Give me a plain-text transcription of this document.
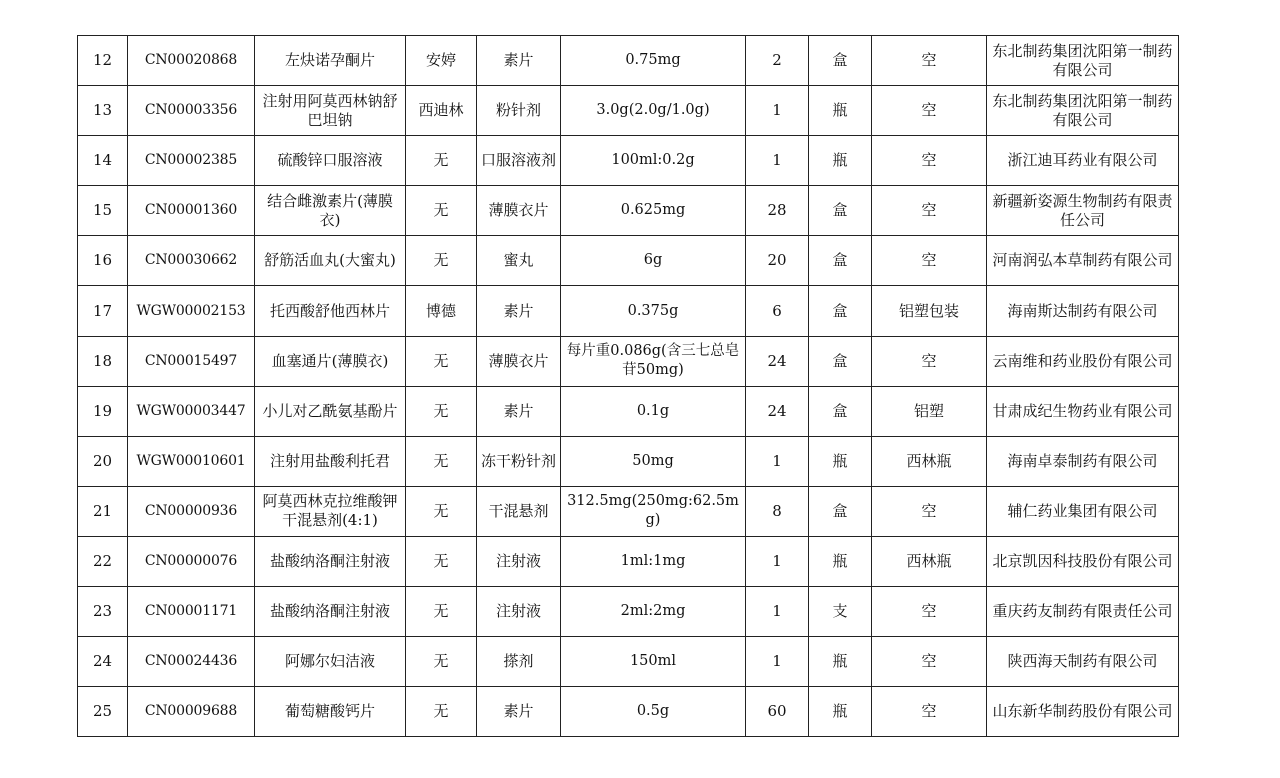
12	CN00020868	左炔诺孕酮片	安婷	素片	0.75mg	2	盒	空	东北制药集团沈阳第一制药有限公司
13	CN00003356	注射用阿莫西林钠舒巴坦钠	西迪林	粉针剂	3.0g(2.0g/1.0g)	1	瓶	空	东北制药集团沈阳第一制药有限公司
14	CN00002385	硫酸锌口服溶液	无	口服溶液剂	100ml:0.2g	1	瓶	空	浙江迪耳药业有限公司
15	CN00001360	结合雌激素片(薄膜衣)	无	薄膜衣片	0.625mg	28	盒	空	新疆新姿源生物制药有限责任公司
16	CN00030662	舒筋活血丸(大蜜丸)	无	蜜丸	6g	20	盒	空	河南润弘本草制药有限公司
17	WGW00002153	托西酸舒他西林片	博德	素片	0.375g	6	盒	铝塑包装	海南斯达制药有限公司
18	CN00015497	血塞通片(薄膜衣)	无	薄膜衣片	每片重0.086g(含三七总皂苷50mg)	24	盒	空	云南维和药业股份有限公司
19	WGW00003447	小儿对乙酰氨基酚片	无	素片	0.1g	24	盒	铝塑	甘肃成纪生物药业有限公司
20	WGW00010601	注射用盐酸利托君	无	冻干粉针剂	50mg	1	瓶	西林瓶	海南卓泰制药有限公司
21	CN00000936	阿莫西林克拉维酸钾干混悬剂(4:1)	无	干混悬剂	312.5mg(250mg:62.5mg)	8	盒	空	辅仁药业集团有限公司
22	CN00000076	盐酸纳洛酮注射液	无	注射液	1ml:1mg	1	瓶	西林瓶	北京凯因科技股份有限公司
23	CN00001171	盐酸纳洛酮注射液	无	注射液	2ml:2mg	1	支	空	重庆药友制药有限责任公司
24	CN00024436	阿娜尔妇洁液	无	搽剂	150ml	1	瓶	空	陕西海天制药有限公司
25	CN00009688	葡萄糖酸钙片	无	素片	0.5g	60	瓶	空	山东新华制药股份有限公司
